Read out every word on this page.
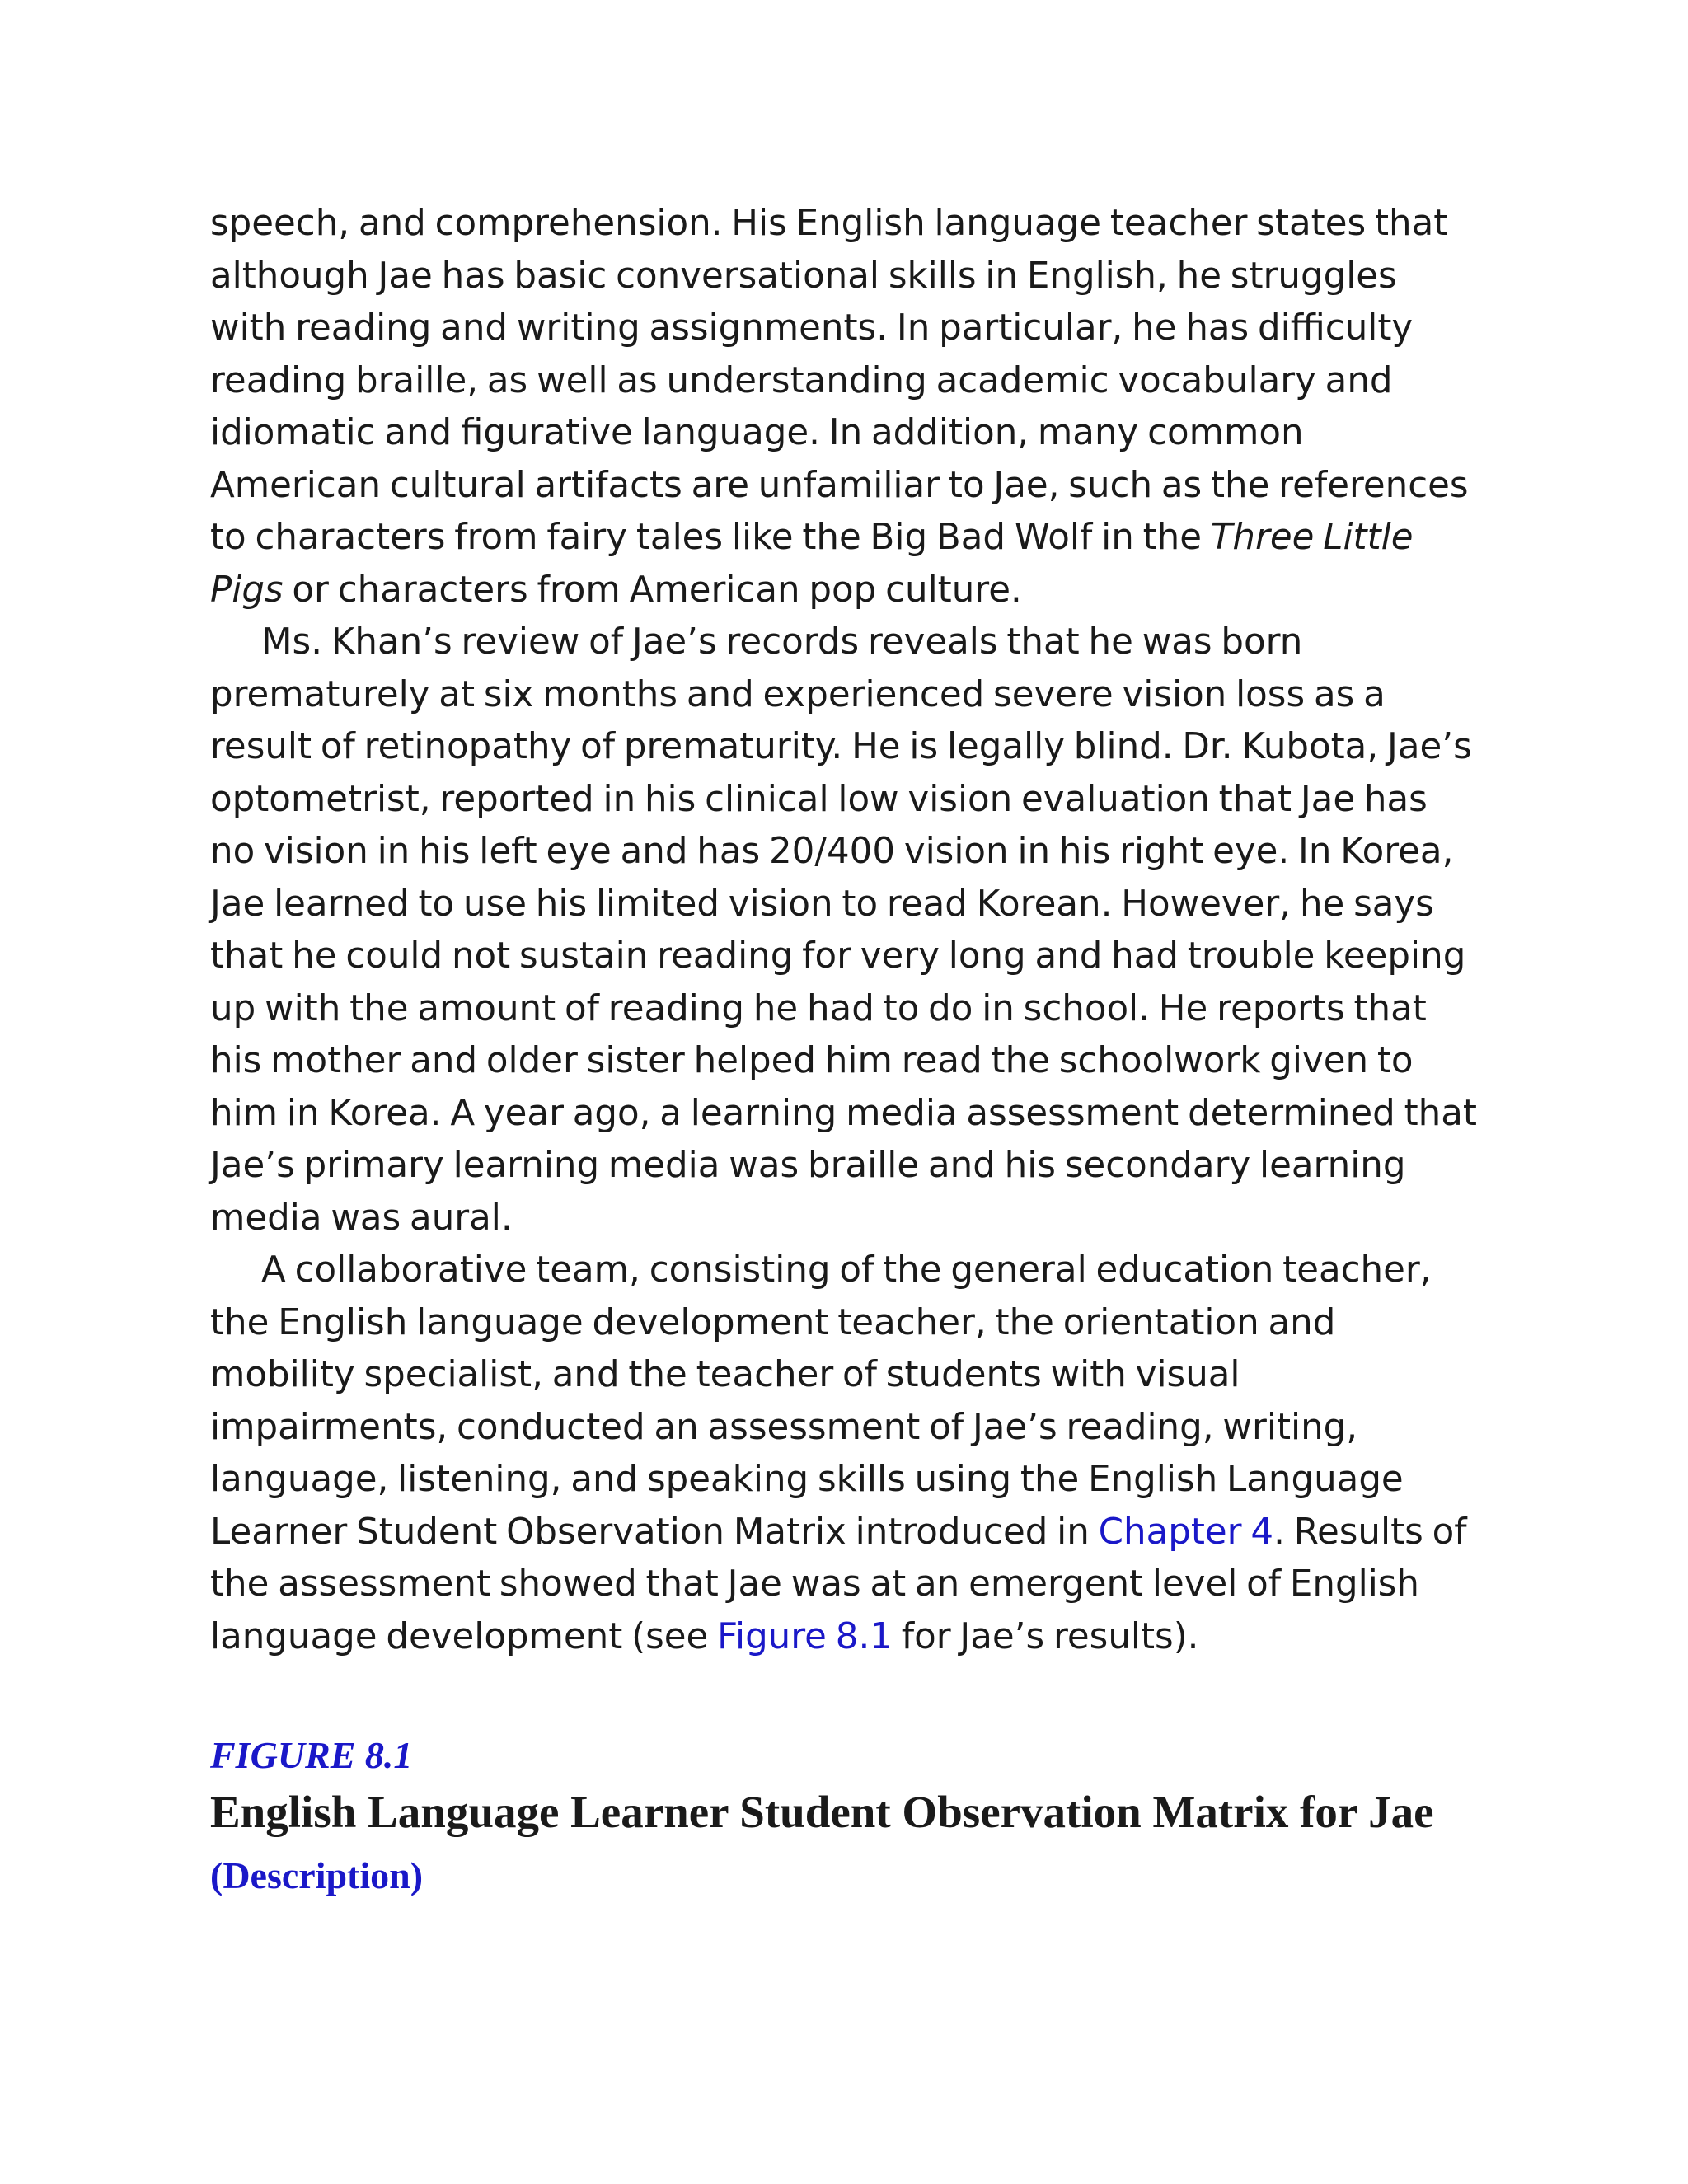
speech, and comprehension. His English language teacher states that although Jae has basic conversational skills in English, he struggles with reading and writing assignments. In particular, he has difficulty reading braille, as well as understanding academic vocabulary and idiomatic and figurative language. In addition, many common American cultural artifacts are unfamiliar to Jae, such as the references to characters from fairy tales like the Big Bad Wolf in the Three Little Pigs or characters from American pop culture.

Ms. Khan’s review of Jae’s records reveals that he was born prematurely at six months and experienced severe vision loss as a result of retinopathy of prematurity. He is legally blind. Dr. Kubota, Jae’s optometrist, reported in his clinical low vision evaluation that Jae has no vision in his left eye and has 20/400 vision in his right eye. In Korea, Jae learned to use his limited vision to read Korean. However, he says that he could not sustain reading for very long and had trouble keeping up with the amount of reading he had to do in school. He reports that his mother and older sister helped him read the schoolwork given to him in Korea. A year ago, a learning media assessment determined that Jae’s primary learning media was braille and his secondary learning media was aural.

A collaborative team, consisting of the general education teacher, the English language development teacher, the orientation and mobility specialist, and the teacher of students with visual impairments, conducted an assessment of Jae’s reading, writing, language, listening, and speaking skills using the English Language Learner Student Observation Matrix introduced in Chapter 4. Results of the assessment showed that Jae was at an emergent level of English language development (see Figure 8.1 for Jae’s results).

FIGURE 8.1
English Language Learner Student Observation Matrix for Jae
(Description)
